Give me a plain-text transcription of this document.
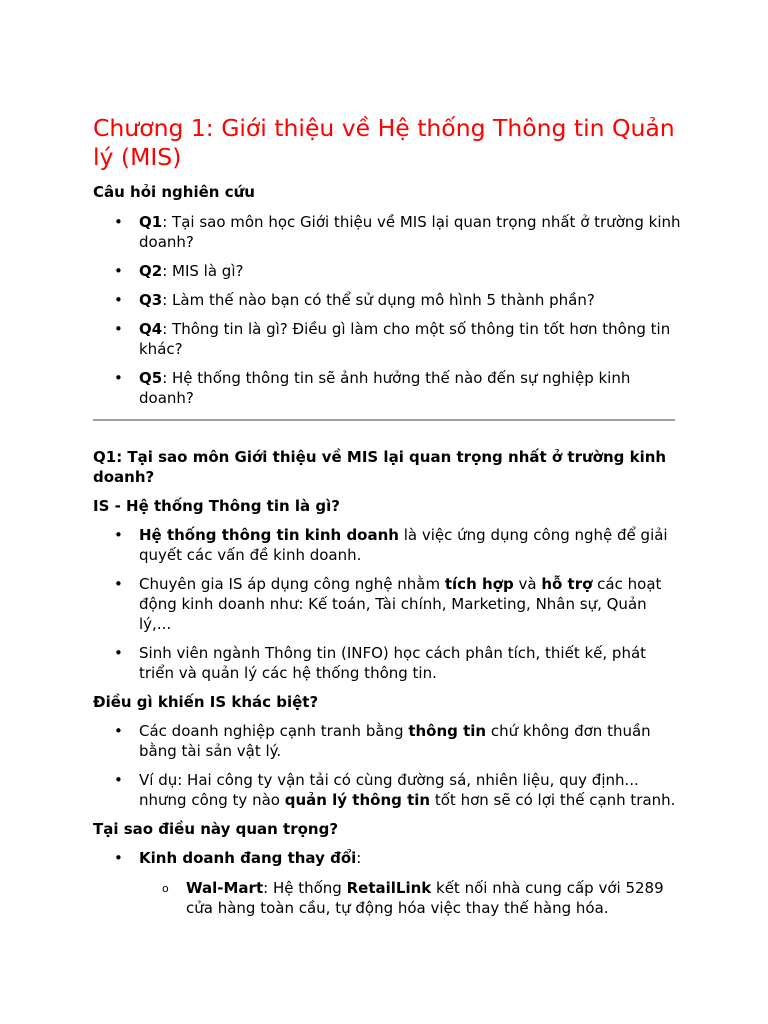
Chương 1: Giới thiệu về Hệ thống Thông tin Quản lý (MIS)

Câu hỏi nghiên cứu

• Q1: Tại sao môn học Giới thiệu về MIS lại quan trọng nhất ở trường kinh doanh?
• Q2: MIS là gì?
• Q3: Làm thế nào bạn có thể sử dụng mô hình 5 thành phần?
• Q4: Thông tin là gì? Điều gì làm cho một số thông tin tốt hơn thông tin khác?
• Q5: Hệ thống thông tin sẽ ảnh hưởng thế nào đến sự nghiệp kinh doanh?

Q1: Tại sao môn Giới thiệu về MIS lại quan trọng nhất ở trường kinh doanh?

IS - Hệ thống Thông tin là gì?

• Hệ thống thông tin kinh doanh là việc ứng dụng công nghệ để giải quyết các vấn đề kinh doanh.
• Chuyên gia IS áp dụng công nghệ nhằm tích hợp và hỗ trợ các hoạt động kinh doanh như: Kế toán, Tài chính, Marketing, Nhân sự, Quản lý,...
• Sinh viên ngành Thông tin (INFO) học cách phân tích, thiết kế, phát triển và quản lý các hệ thống thông tin.

Điều gì khiến IS khác biệt?

• Các doanh nghiệp cạnh tranh bằng thông tin chứ không đơn thuần bằng tài sản vật lý.
• Ví dụ: Hai công ty vận tải có cùng đường sá, nhiên liệu, quy định... nhưng công ty nào quản lý thông tin tốt hơn sẽ có lợi thế cạnh tranh.

Tại sao điều này quan trọng?

• Kinh doanh đang thay đổi:
o Wal-Mart: Hệ thống RetailLink kết nối nhà cung cấp với 5289 cửa hàng toàn cầu, tự động hóa việc thay thế hàng hóa.
